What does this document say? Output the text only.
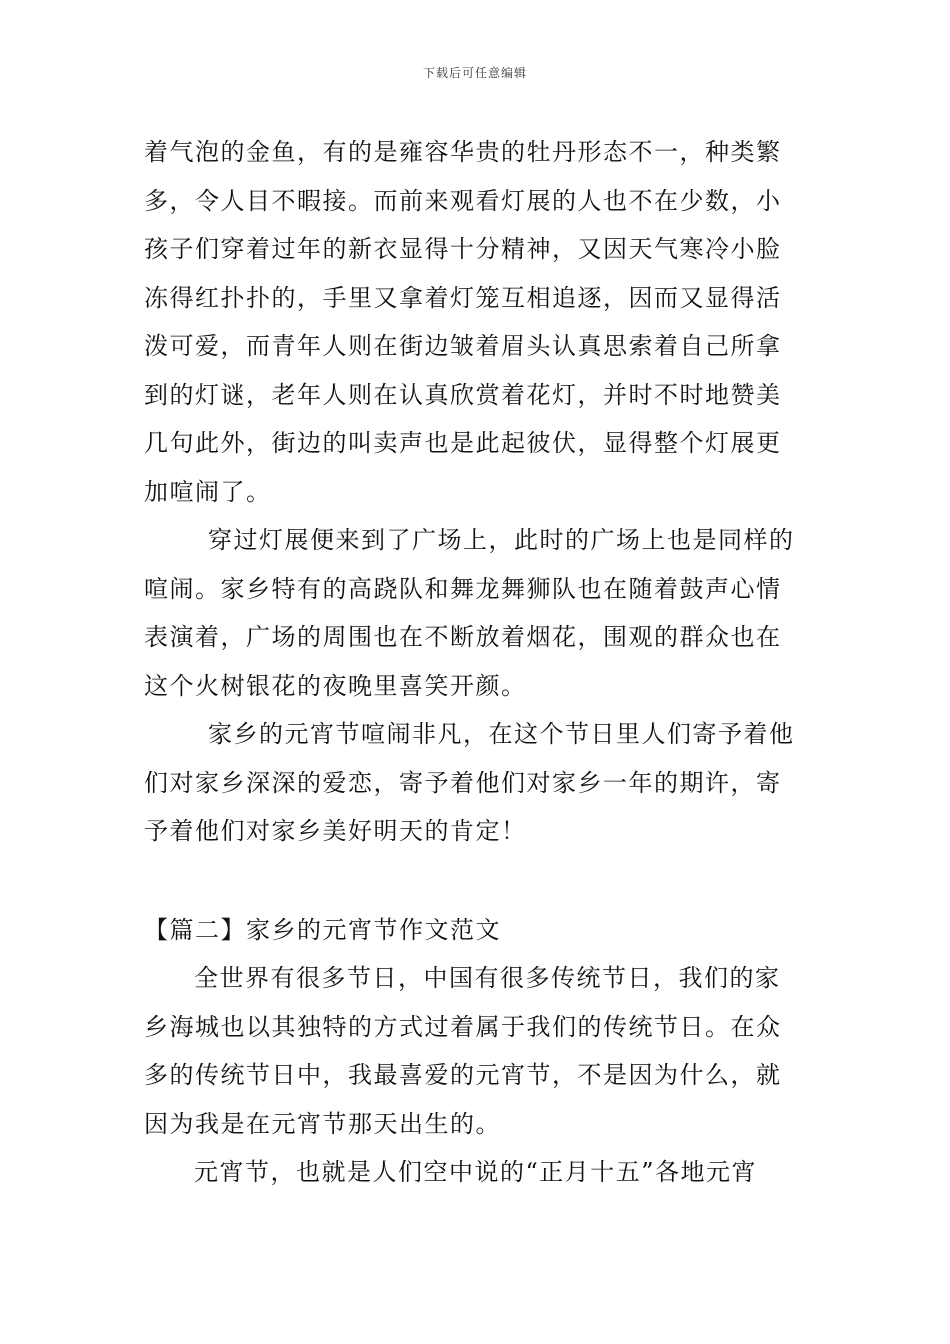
下载后可任意编辑
着气泡的金鱼，有的是雍容华贵的牡丹形态不一，种类繁
多，令人目不暇接。而前来观看灯展的人也不在少数，小
孩子们穿着过年的新衣显得十分精神，又因天气寒冷小脸
冻得红扑扑的，手里又拿着灯笼互相追逐，因而又显得活
泼可爱，而青年人则在街边皱着眉头认真思索着自己所拿
到的灯谜，老年人则在认真欣赏着花灯，并时不时地赞美
几句此外，街边的叫卖声也是此起彼伏，显得整个灯展更
加喧闹了。
穿过灯展便来到了广场上，此时的广场上也是同样的
喧闹。家乡特有的高跷队和舞龙舞狮队也在随着鼓声心情
表演着，广场的周围也在不断放着烟花，围观的群众也在
这个火树银花的夜晚里喜笑开颜。
家乡的元宵节喧闹非凡，在这个节日里人们寄予着他
们对家乡深深的爱恋，寄予着他们对家乡一年的期许，寄
予着他们对家乡美好明天的肯定！
【篇二】家乡的元宵节作文范文
全世界有很多节日，中国有很多传统节日，我们的家
乡海城也以其独特的方式过着属于我们的传统节日。在众
多的传统节日中，我最喜爱的元宵节，不是因为什么，就
因为我是在元宵节那天出生的。
元宵节，也就是人们空中说的“正月十五”各地元宵
